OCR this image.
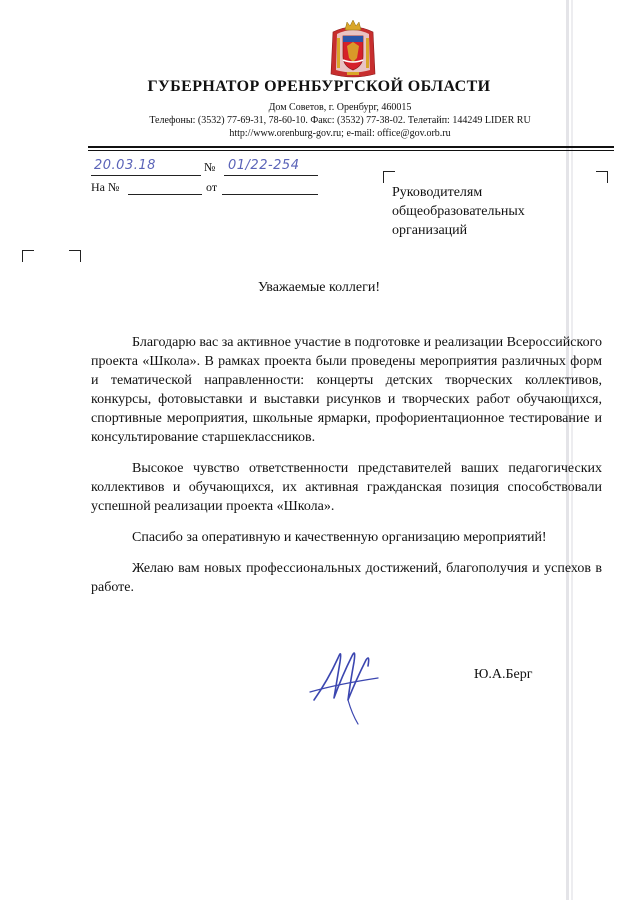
ГУБЕРНАТОР ОРЕНБУРГСКОЙ ОБЛАСТИ
Дом Советов, г. Оренбург, 460015
Телефоны: (3532) 77-69-31, 78-60-10. Факс: (3532) 77-38-02. Телетайп: 144249 LIDER RU
http://www.orenburg-gov.ru; e-mail: office@gov.orb.ru
20.03.18	№ 01/22-254
На №	от	Руководителям
общеобразовательных
организаций
Уважаемые коллеги!

Благодарю вас за активное участие в подготовке и реализации Всероссийского проекта «Школа». В рамках проекта были проведены мероприятия различных форм и тематической направленности: концерты детских творческих коллективов, конкурсы, фотовыставки и выставки рисунков и творческих работ обучающихся, спортивные мероприятия, школьные ярмарки, профориентационное тестирование и консультирование старшеклассников.

Высокое чувство ответственности представителей ваших педагогических коллективов и обучающихся, их активная гражданская позиция способствовали успешной реализации проекта «Школа».

Спасибо за оперативную и качественную организацию мероприятий!

Желаю вам новых профессиональных достижений, благополучия и успехов в работе.

Ю.А.Берг
